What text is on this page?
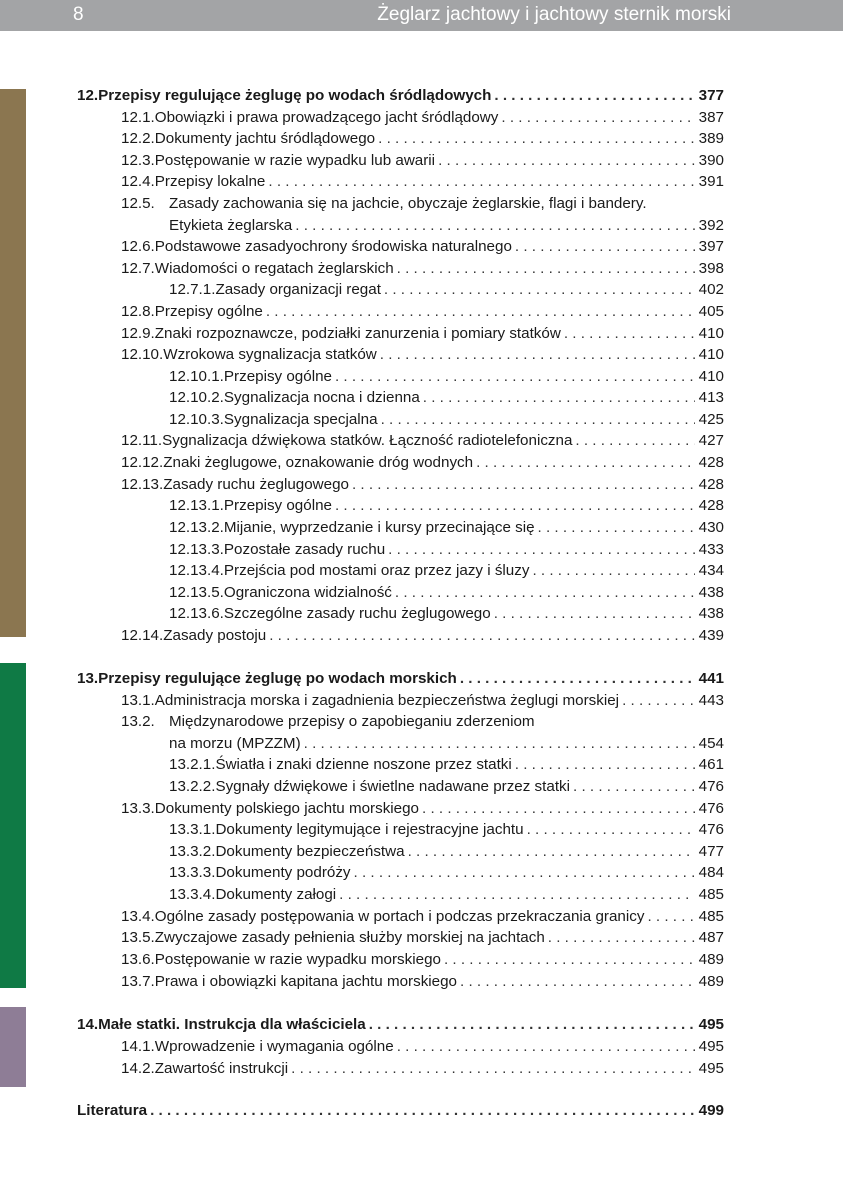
8	Żeglarz jachtowy i jachtowy sternik morski
12. Przepisy regulujące żeglugę po wodach śródlądowych . . .	377
12.1. Obowiązki i prawa prowadzącego jacht śródlądowy . . .	387
12.2. Dokumenty jachtu śródlądowego . . .	389
12.3. Postępowanie w razie wypadku lub awarii . . .	390
12.4. Przepisy lokalne . . .	391
12.5. Zasady zachowania się na jachcie, obyczaje żeglarskie, flagi i bandery.
Etykieta żeglarska . . .	392
12.6. Podstawowe zasadyochrony środowiska naturalnego . . .	397
12.7. Wiadomości o regatach żeglarskich . . .	398
12.7.1. Zasady organizacji regat . . .	402
12.8. Przepisy ogólne . . .	405
12.9. Znaki rozpoznawcze, podziałki zanurzenia i pomiary statków . . .	410
12.10. Wzrokowa sygnalizacja statków . . .	410
12.10.1. Przepisy ogólne . . .	410
12.10.2. Sygnalizacja nocna i dzienna . . .	413
12.10.3. Sygnalizacja specjalna . . .	425
12.11. Sygnalizacja dźwiękowa statków. Łączność radiotelefoniczna . . .	427
12.12. Znaki żeglugowe, oznakowanie dróg wodnych . . .	428
12.13. Zasady ruchu żeglugowego . . .	428
12.13.1. Przepisy ogólne . . .	428
12.13.2. Mijanie, wyprzedzanie i kursy przecinające się . . .	430
12.13.3. Pozostałe zasady ruchu . . .	433
12.13.4. Przejścia pod mostami oraz przez jazy i śluzy . . .	434
12.13.5. Ograniczona widzialność . . .	438
12.13.6. Szczególne zasady ruchu żeglugowego . . .	438
12.14. Zasady postoju . . .	439
13. Przepisy regulujące żeglugę po wodach morskich . . .	441
13.1. Administracja morska i zagadnienia bezpieczeństwa żeglugi morskiej . . .	443
13.2. Międzynarodowe przepisy o zapobieganiu zderzeniom
na morzu (MPZZM) . . .	454
13.2.1. Światła i znaki dzienne noszone przez statki . . .	461
13.2.2. Sygnały dźwiękowe i świetlne nadawane przez statki . . .	476
13.3. Dokumenty polskiego jachtu morskiego . . .	476
13.3.1. Dokumenty legitymujące i rejestracyjne jachtu . . .	476
13.3.2. Dokumenty bezpieczeństwa . . .	477
13.3.3. Dokumenty podróży . . .	484
13.3.4. Dokumenty załogi . . .	485
13.4. Ogólne zasady postępowania w portach i podczas przekraczania granicy . . .	485
13.5. Zwyczajowe zasady pełnienia służby morskiej na jachtach . . .	487
13.6. Postępowanie w razie wypadku morskiego . . .	489
13.7. Prawa i obowiązki kapitana jachtu morskiego . . .	489
14. Małe statki. Instrukcja dla właściciela . . .	495
14.1. Wprowadzenie i wymagania ogólne . . .	495
14.2. Zawartość instrukcji . . .	495
Literatura . . .	499
